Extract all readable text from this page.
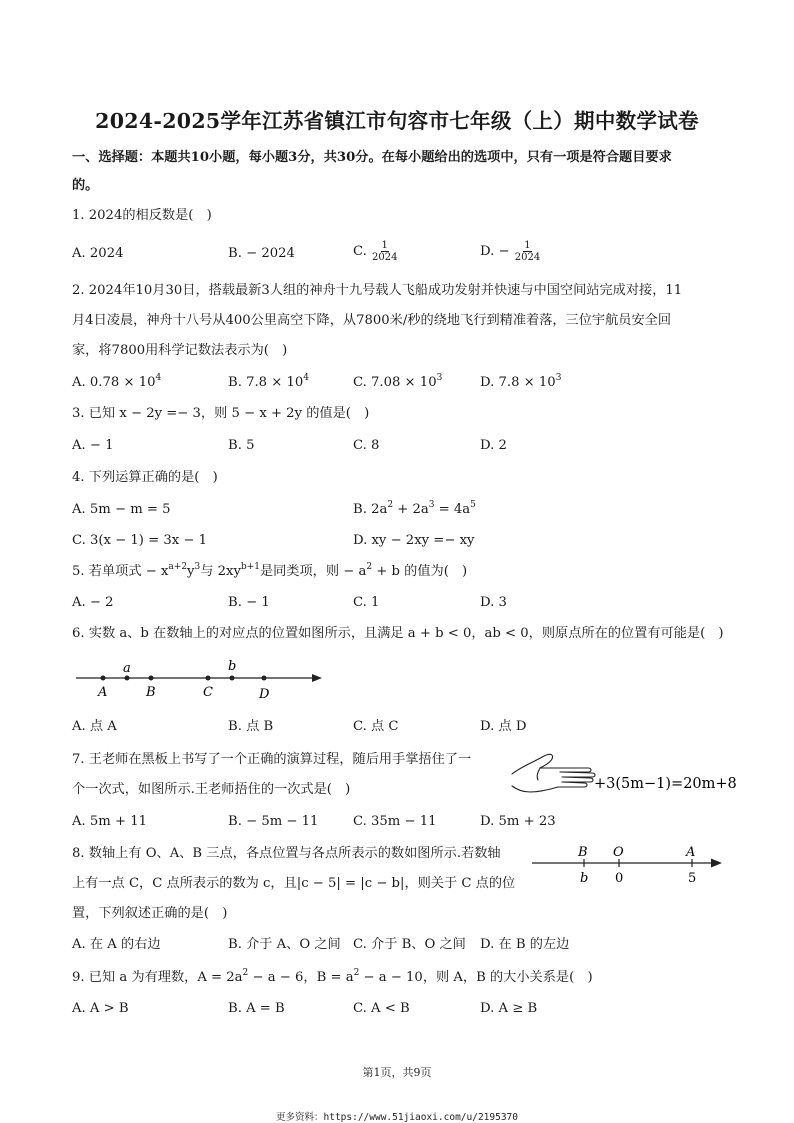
2024-2025学年江苏省镇江市句容市七年级（上）期中数学试卷
一、选择题：本题共10小题，每小题3分，共30分。在每小题给出的选项中，只有一项是符合题目要求
的。
1. 2024的相反数是(　)
A. 2024	B. − 2024	C. $\frac{1}{2024}$	D. − $\frac{1}{2024}$
2. 2024年10月30日，搭载最新3人组的神舟十九号载人飞船成功发射并快速与中国空间站完成对接，11
月4日凌晨，神舟十八号从400公里高空下降，从7800米/秒的绕地飞行到精准着落，三位宇航员安全回
家，将7800用科学记数法表示为(　)
A. $0.78 \times 10^4$	B. $7.8 \times 10^4$	C. $7.08 \times 10^3$	D. $7.8 \times 10^3$
3. 已知 x − 2y =− 3，则 5 − x + 2y 的值是(　)
A. − 1	B. 5	C. 8	D. 2
4. 下列运算正确的是(　)
A. 5m − m = 5	B. $2a^2 + 2a^3 = 4a^5$
C. 3(x − 1) = 3x − 1	D. xy − 2xy =− xy
5. 若单项式 − $x^{a+2}y^3$与 $2xy^{b+1}$是同类项，则 − $a^2 + b$ 的值为(　)
A. − 2	B. − 1	C. 1	D. 3
6. 实数 a、b 在数轴上的对应点的位置如图所示，且满足 a + b < 0，ab < 0，则原点所在的位置有可能是(　)
a	b
A	B	C	D
A. 点 A	B. 点 B	C. 点 C	D. 点 D
7. 王老师在黑板上书写了一个正确的演算过程，随后用手掌捂住了一
个一次式，如图所示.王老师捂住的一次式是(　)	+3(5m−1)=20m+8
A. 5m + 11	B. − 5m − 11	C. 35m − 11	D. 5m + 23
8. 数轴上有 O、A、B 三点，各点位置与各点所表示的数如图所示.若数轴
上有一点 C，C 点所表示的数为 c，且|c − 5| = |c − b|，则关于 C 点的位
置，下列叙述正确的是(　)
B O	A
b 0	5
A. 在 A 的右边	B. 介于 A、O 之间 C. 介于 B、O 之间 D. 在 B 的左边
9. 已知 a 为有理数，$A = 2a^2 - a - 6$，$B = a^2 - a - 10$，则 A，B 的大小关系是(　)
A. A > B	B. A = B	C. A < B	D. A ≥ B
第1页，共9页
更多资料：https://www.51jiaoxi.com/u/2195370
